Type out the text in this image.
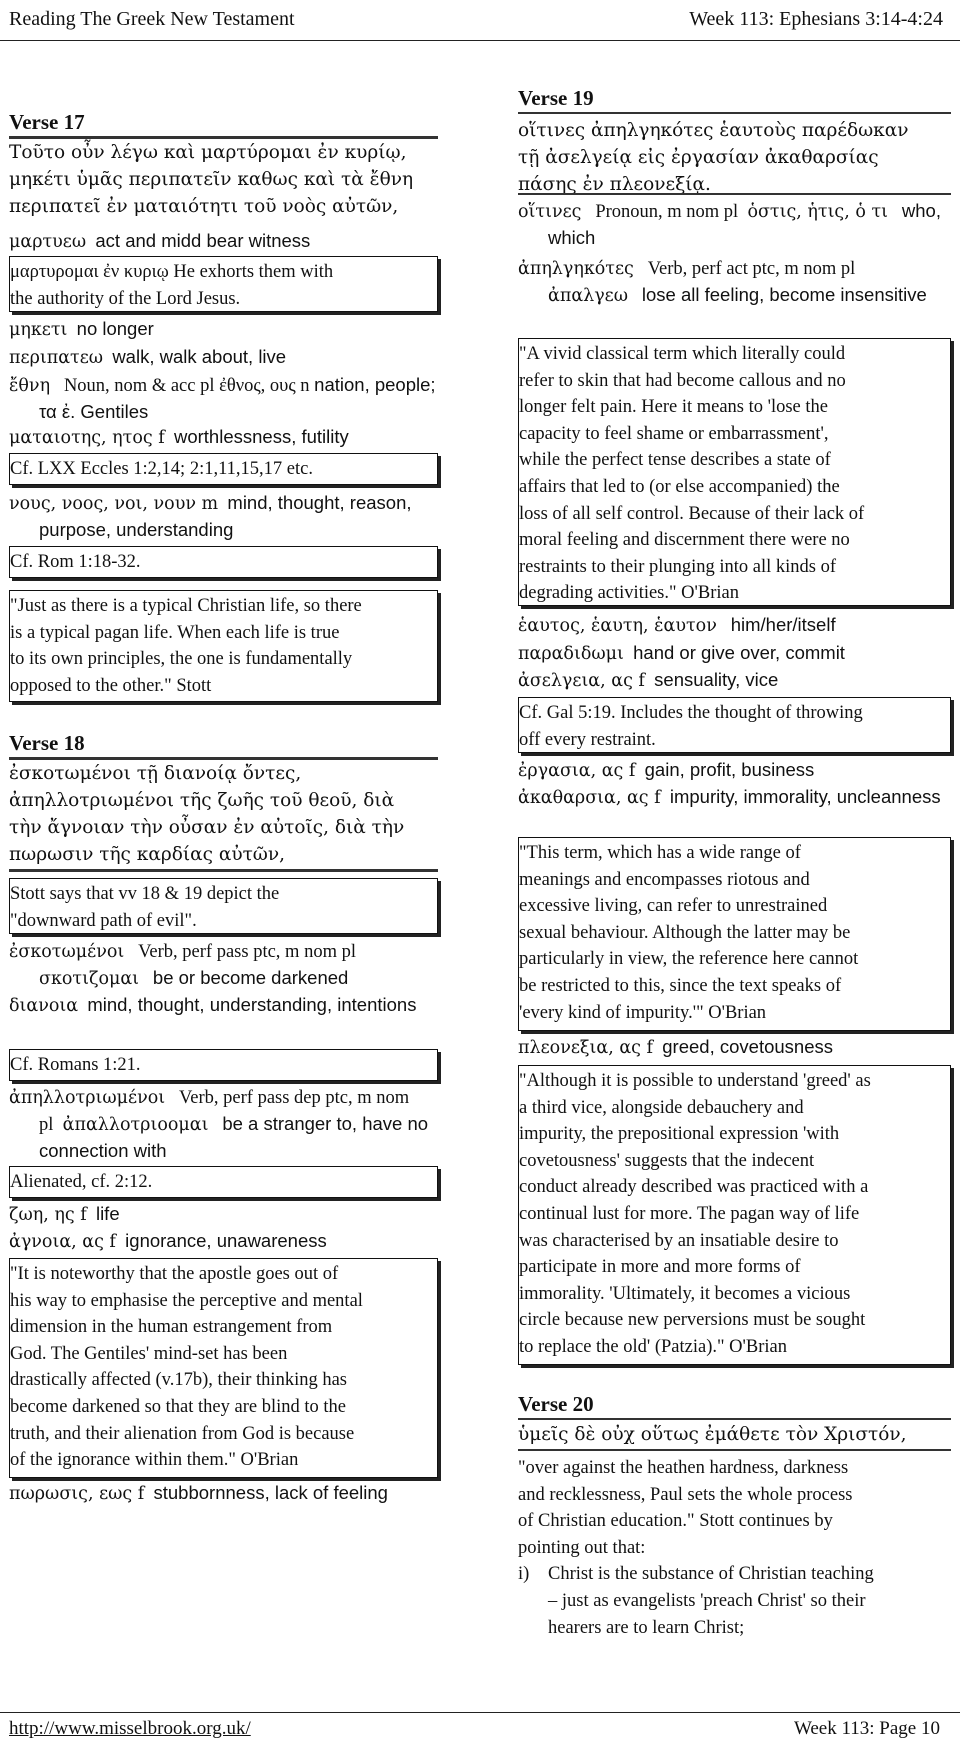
Reading The Greek New Testament	Week 113: Ephesians 3:14-4:24
Verse 17
Τοῦτο οὖν λέγω καὶ μαρτύρομαι ἐν κυρίῳ,
μηκέτι ὑμᾶς περιπατεῖν καθως καὶ τὰ ἔθνη
περιπατεῖ ἐν ματαιότητι τοῦ νοὸς αὐτῶν,
μαρτυεω act and midd bear witness
μαρτυρομαι ἐν κυριῳ He exhorts them with
the authority of the Lord Jesus.
μηκετι no longer
περιπατεω walk, walk about, live
ἔθνη Noun, nom & acc pl ἐθνος, ους n nation, people; τα ἐ. Gentiles
ματαιοτης, ητος f worthlessness, futility
Cf. LXX Eccles 1:2,14; 2:1,11,15,17 etc.
νους, νοος, νοι, νουν m mind, thought, reason, purpose, understanding
Cf. Rom 1:18-32.
"Just as there is a typical Christian life, so there
is a typical pagan life. When each life is true
to its own principles, the one is fundamentally
opposed to the other." Stott
Verse 18
ἐσκοτωμένοι τῇ διανοίᾳ ὄντες,
ἀπηλλοτριωμένοι τῆς ζωῆς τοῦ θεοῦ, διὰ
τὴν ἄγνοιαν τὴν οὖσαν ἐν αὐτοῖς, διὰ τὴν
πωρωσιν τῆς καρδίας αὐτῶν,
Stott says that vv 18 & 19 depict the
"downward path of evil".
ἐσκοτωμένοι Verb, perf pass ptc, m nom pl σκοτιζομαι be or become darkened
διανοια mind, thought, understanding, intentions
Cf. Romans 1:21.
ἀπηλλοτριωμένοι Verb, perf pass dep ptc, m nom pl ἀπαλλοτριοομαι be a stranger to, have no connection with
Alienated, cf. 2:12.
ζωη, ης f life
ἀγνοια, ας f ignorance, unawareness
"It is noteworthy that the apostle goes out of
his way to emphasise the perceptive and mental
dimension in the human estrangement from
God. The Gentiles' mind-set has been
drastically affected (v.17b), their thinking has
become darkened so that they are blind to the
truth, and their alienation from God is because
of the ignorance within them." O'Brian
πωρωσις, εως f stubbornness, lack of feeling
Verse 19
οἵτινες ἀπηλγηκότες ἑαυτοὺς παρέδωκαν
τῇ ἀσελγείᾳ εἰς ἐργασίαν ἀκαθαρσίας
πάσης ἐν πλεονεξίᾳ.
οἵτινες Pronoun, m nom pl ὁστις, ἡτις, ὁ τι who, which
ἀπηλγηκότες Verb, perf act ptc, m nom pl ἀπαλγεω lose all feeling, become insensitive
"A vivid classical term which literally could
refer to skin that had become callous and no
longer felt pain. Here it means to 'lose the
capacity to feel shame or embarrassment',
while the perfect tense describes a state of
affairs that led to (or else accompanied) the
loss of all self control. Because of their lack of
moral feeling and discernment there were no
restraints to their plunging into all kinds of
degrading activities." O'Brian
ἑαυτος, ἑαυτη, ἑαυτον him/her/itself
παραδιδωμι hand or give over, commit
ἀσελγεια, ας f sensuality, vice
Cf. Gal 5:19. Includes the thought of throwing
off every restraint.
ἐργασια, ας f gain, profit, business
ἀκαθαρσια, ας f impurity, immorality, uncleanness
"This term, which has a wide range of
meanings and encompasses riotous and
excessive living, can refer to unrestrained
sexual behaviour. Although the latter may be
particularly in view, the reference here cannot
be restricted to this, since the text speaks of
'every kind of impurity.'" O'Brian
πλεονεξια, ας f greed, covetousness
"Although it is possible to understand 'greed' as
a third vice, alongside debauchery and
impurity, the prepositional expression 'with
covetousness' suggests that the indecent
conduct already described was practiced with a
continual lust for more. The pagan way of life
was characterised by an insatiable desire to
participate in more and more forms of
immorality. 'Ultimately, it becomes a vicious
circle because new perversions must be sought
to replace the old' (Patzia)." O'Brian
Verse 20
ὑμεῖς δὲ οὐχ οὕτως ἐμάθετε τὸν Χριστόν,
"over against the heathen hardness, darkness
and recklessness, Paul sets the whole process
of Christian education." Stott continues by
pointing out that:
i) Christ is the substance of Christian teaching
– just as evangelists 'preach Christ' so their
hearers are to learn Christ;
http://www.misselbrook.org.uk/	Week 113: Page 10
